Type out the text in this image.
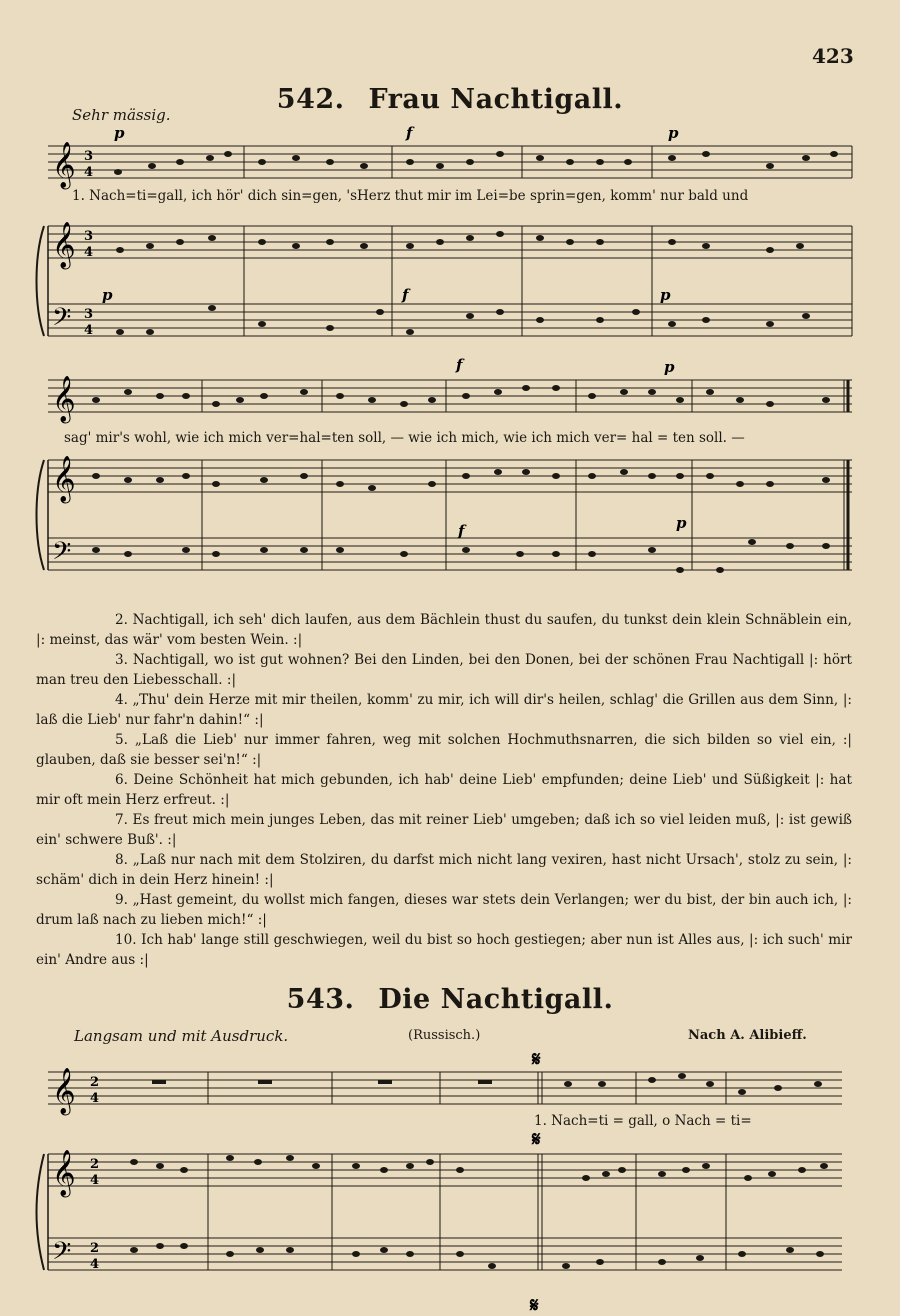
423
542. Frau Nachtigall.
Sehr mässig.
𝄞 3
4
𝄞 3
4
𝄢 3
4
p	f	p
p	f	p
1. Nach=ti=gall, ich hör' dich sin=gen, 'sHerz thut mir im Lei=be sprin=gen, komm' nur bald und
𝄞
𝄞
𝄢
f	p
f	p
sag' mir's wohl, wie ich mich ver=hal=ten soll, — wie ich mich, wie ich mich ver= hal = ten soll. —

2. Nachtigall, ich seh' dich laufen, aus dem Bächlein thust du saufen, du tunkst dein klein Schnäblein ein, |: meinst, das wär' vom besten Wein. :|

3. Nachtigall, wo ist gut wohnen? Bei den Linden, bei den Donen, bei der schönen Frau Nachtigall |: hört man treu den Liebesschall. :|

4. „Thu' dein Herze mit mir theilen, komm' zu mir, ich will dir's heilen, schlag' die Grillen aus dem Sinn, |: laß die Lieb' nur fahr'n dahin!“ :|

5. „Laß die Lieb' nur immer fahren, weg mit solchen Hochmuthsnarren, die sich bilden so viel ein, :| glauben, daß sie besser sei'n!“ :|

6. Deine Schönheit hat mich gebunden, ich hab' deine Lieb' empfunden; deine Lieb' und Süßigkeit |: hat mir oft mein Herz erfreut. :|

7. Es freut mich mein junges Leben, das mit reiner Lieb' umgeben; daß ich so viel leiden muß, |: ist gewiß ein' schwere Buß'. :|

8. „Laß nur nach mit dem Stolziren, du darfst mich nicht lang vexiren, hast nicht Ursach', stolz zu sein, |: schäm' dich in dein Herz hinein! :|

9. „Hast gemeint, du wollst mich fangen, dieses war stets dein Verlangen; wer du bist, der bin auch ich, |: drum laß nach zu lieben mich!“ :|

10. Ich hab' lange still geschwiegen, weil du bist so hoch gestiegen; aber nun ist Alles aus, |: ich such' mir ein' Andre aus :|

543. Die Nachtigall.
Langsam und mit Ausdruck.	(Russisch.)	Nach A. Alibieff.
𝄞 2
4
𝄞 2
4
𝄢 2
4
𝄋
𝄋
𝄋
1. Nach=ti = gall, o Nach = ti=
